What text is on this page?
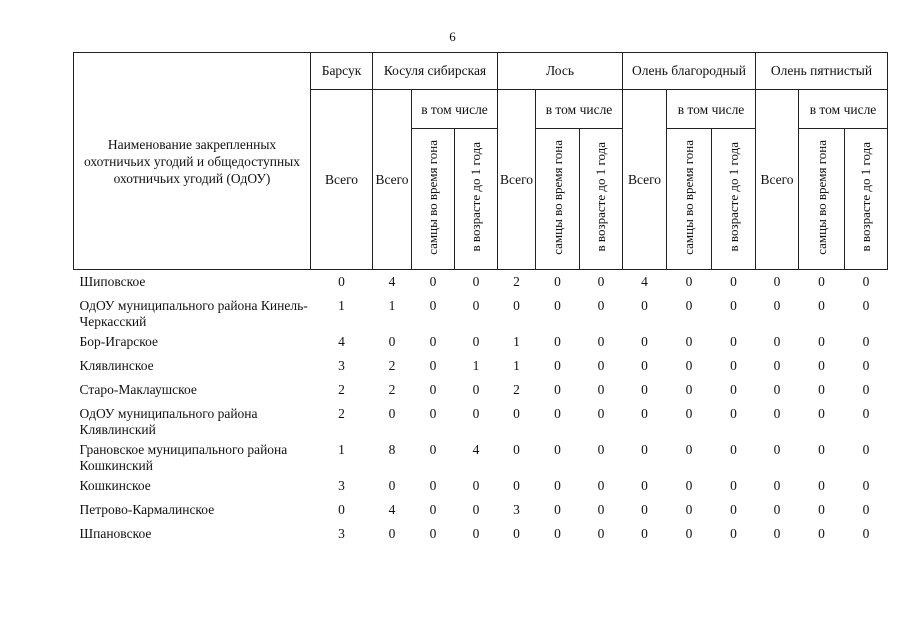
6
Наименование закрепленных охотничьих угодий и общедоступных охотничьих угодий (ОдОУ)	Барсук	Косуля сибирская			Лось			Олень благородный			Олень пятнистый		
	Всего	Всего	в том числе		Всего	в том числе		Всего	в том числе		Всего	в том числе	
			самцы во время гона	в возрасте до 1 года		самцы во время гона	в возрасте до 1 года		самцы во время гона	в возрасте до 1 года		самцы во время гона	в возрасте до 1 года
Шиповское	0	4	0	0	2	0	0	4	0	0	0	0	0
ОдОУ муниципального района Кинель-Черкасский	1	1	0	0	0	0	0	0	0	0	0	0	0
Бор-Игарское	4	0	0	0	1	0	0	0	0	0	0	0	0
Клявлинское	3	2	0	1	1	0	0	0	0	0	0	0	0
Старо-Маклаушское	2	2	0	0	2	0	0	0	0	0	0	0	0
ОдОУ муниципального района Клявлинский	2	0	0	0	0	0	0	0	0	0	0	0	0
Грановское муниципального района Кошкинский	1	8	0	4	0	0	0	0	0	0	0	0	0
Кошкинское	3	0	0	0	0	0	0	0	0	0	0	0	0
Петрово-Кармалинское	0	4	0	0	3	0	0	0	0	0	0	0	0
Шпановское	3	0	0	0	0	0	0	0	0	0	0	0	0
